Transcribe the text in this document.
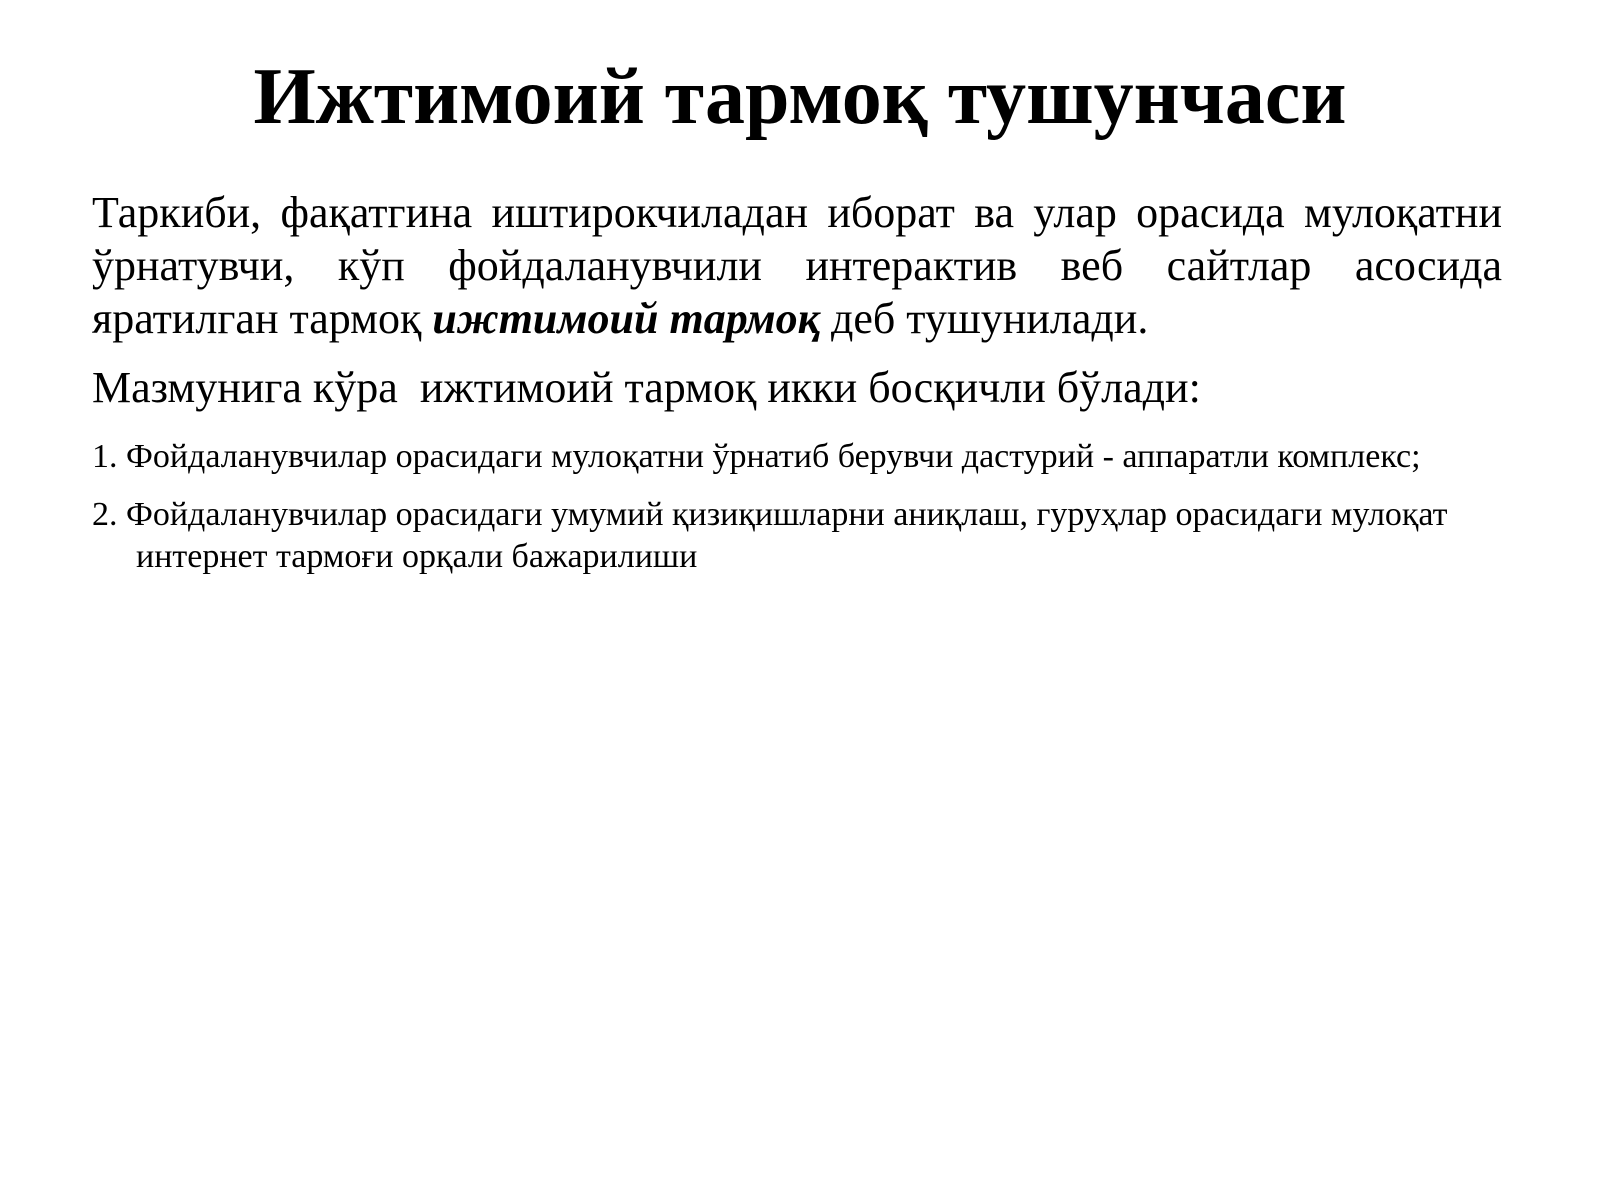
Ижтимоий тармоқ тушунчаси

Таркиби, фақатгина иштирокчиладан иборат ва улар орасида мулоқатни ўрнатувчи, кўп фойдаланувчили интерактив веб сайтлар асосида яратилган тармоқ ижтимоий тармоқ деб тушунилади.

Мазмунига кўра  ижтимоий тармоқ икки босқичли бўлади:

1. Фойдаланувчилар орасидаги мулоқатни ўрнатиб берувчи дастурий - аппаратли комплекс;
2. Фойдаланувчилар орасидаги умумий қизиқишларни аниқлаш, гуруҳлар орасидаги мулоқат интернет тармоғи орқали бажарилиши
